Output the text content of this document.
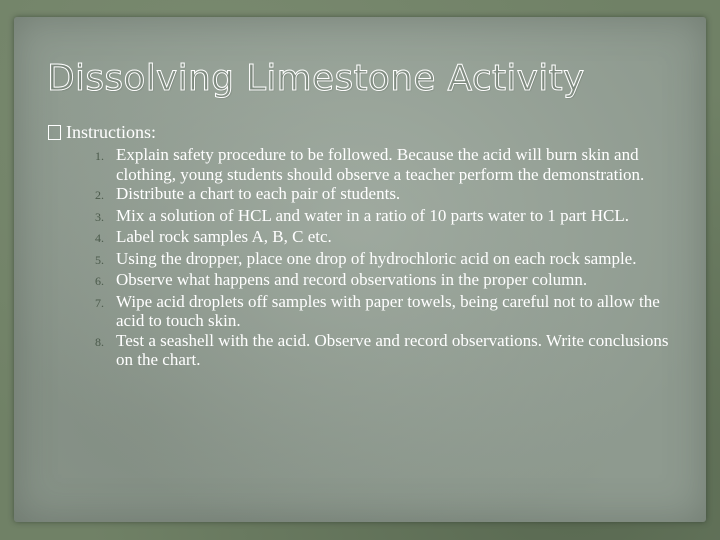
Dissolving Limestone Activity
Instructions:
1. Explain safety procedure to be followed. Because the acid will burn skin and clothing, young students should observe a teacher perform the demonstration.
2. Distribute a chart to each pair of students.
3. Mix a solution of HCL and water in a ratio of 10 parts water to 1 part HCL.
4. Label rock samples A, B, C etc.
5. Using the dropper, place one drop of hydrochloric acid on each rock sample.
6. Observe what happens and record observations in the proper column.
7. Wipe acid droplets off samples with paper towels, being careful not to allow the acid to touch skin.
8. Test a seashell with the acid. Observe and record observations. Write conclusions on the chart.
